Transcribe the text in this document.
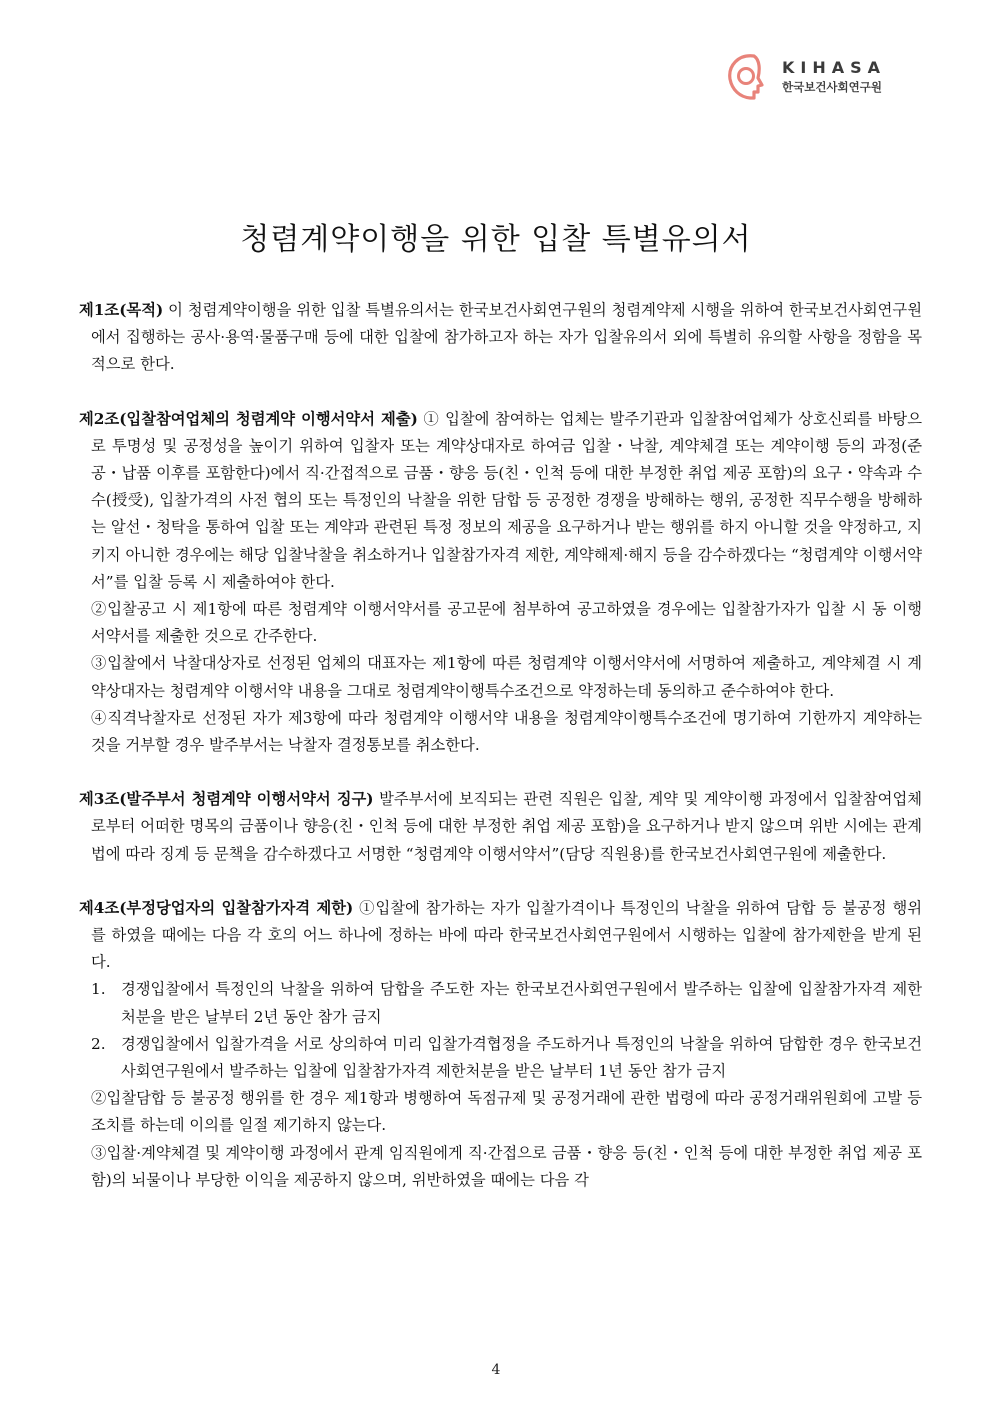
KIHASA
한국보건사회연구원
청렴계약이행을 위한 입찰 특별유의서

제1조(목적) 이 청렴계약이행을 위한 입찰 특별유의서는 한국보건사회연구원의 청렴계약제 시행을 위하여 한국보건사회연구원에서 집행하는 공사·용역·물품구매 등에 대한 입찰에 참가하고자 하는 자가 입찰유의서 외에 특별히 유의할 사항을 정함을 목적으로 한다.

제2조(입찰참여업체의 청렴계약 이행서약서 제출) ① 입찰에 참여하는 업체는 발주기관과 입찰참여업체가 상호신뢰를 바탕으로 투명성 및 공정성을 높이기 위하여 입찰자 또는 계약상대자로 하여금 입찰・낙찰, 계약체결 또는 계약이행 등의 과정(준공・납품 이후를 포함한다)에서 직·간접적으로 금품・향응 등(친・인척 등에 대한 부정한 취업 제공 포함)의 요구・약속과 수수(授受), 입찰가격의 사전 협의 또는 특정인의 낙찰을 위한 담합 등 공정한 경쟁을 방해하는 행위, 공정한 직무수행을 방해하는 알선・청탁을 통하여 입찰 또는 계약과 관련된 특정 정보의 제공을 요구하거나 받는 행위를 하지 아니할 것을 약정하고, 지키지 아니한 경우에는 해당 입찰낙찰을 취소하거나 입찰참가자격 제한, 계약해제·해지 등을 감수하겠다는 “청렴계약 이행서약서”를 입찰 등록 시 제출하여야 한다.

②입찰공고 시 제1항에 따른 청렴계약 이행서약서를 공고문에 첨부하여 공고하였을 경우에는 입찰참가자가 입찰 시 동 이행서약서를 제출한 것으로 간주한다.

③입찰에서 낙찰대상자로 선정된 업체의 대표자는 제1항에 따른 청렴계약 이행서약서에 서명하여 제출하고, 계약체결 시 계약상대자는 청렴계약 이행서약 내용을 그대로 청렴계약이행특수조건으로 약정하는데 동의하고 준수하여야 한다.

④직격낙찰자로 선정된 자가 제3항에 따라 청렴계약 이행서약 내용을 청렴계약이행특수조건에 명기하여 기한까지 계약하는 것을 거부할 경우 발주부서는 낙찰자 결정통보를 취소한다.

제3조(발주부서 청렴계약 이행서약서 징구) 발주부서에 보직되는 관련 직원은 입찰, 계약 및 계약이행 과정에서 입찰참여업체로부터 어떠한 명목의 금품이나 향응(친・인척 등에 대한 부정한 취업 제공 포함)을 요구하거나 받지 않으며 위반 시에는 관계법에 따라 징계 등 문책을 감수하겠다고 서명한 “청렴계약 이행서약서”(담당 직원용)를 한국보건사회연구원에 제출한다.

제4조(부정당업자의 입찰참가자격 제한) ①입찰에 참가하는 자가 입찰가격이나 특정인의 낙찰을 위하여 담합 등 불공정 행위를 하였을 때에는 다음 각 호의 어느 하나에 정하는 바에 따라 한국보건사회연구원에서 시행하는 입찰에 참가제한을 받게 된다.

1.	경쟁입찰에서 특정인의 낙찰을 위하여 담합을 주도한 자는 한국보건사회연구원에서 발주하는 입찰에 입찰참가자격 제한처분을 받은 날부터 2년 동안 참가 금지
2.	경쟁입찰에서 입찰가격을 서로 상의하여 미리 입찰가격협정을 주도하거나 특정인의 낙찰을 위하여 담합한 경우 한국보건사회연구원에서 발주하는 입찰에 입찰참가자격 제한처분을 받은 날부터 1년 동안 참가 금지

②입찰담합 등 불공정 행위를 한 경우 제1항과 병행하여 독점규제 및 공정거래에 관한 법령에 따라 공정거래위원회에 고발 등 조치를 하는데 이의를 일절 제기하지 않는다.

③입찰·계약체결 및 계약이행 과정에서 관계 임직원에게 직·간접으로 금품・향응 등(친・인척 등에 대한 부정한 취업 제공 포함)의 뇌물이나 부당한 이익을 제공하지 않으며, 위반하였을 때에는 다음 각

4
